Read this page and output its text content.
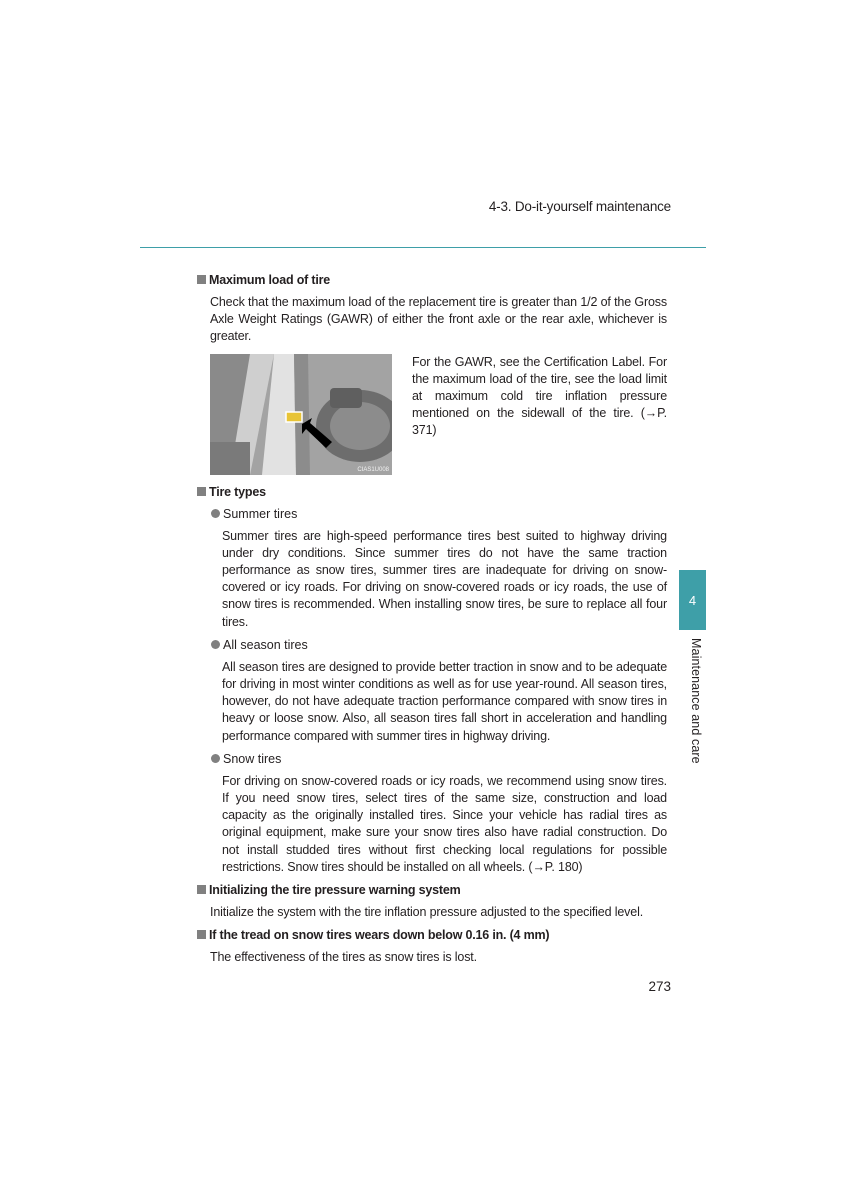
4-3. Do-it-yourself maintenance
4
Maintenance and care
Maximum load of tire
Check that the maximum load of the replacement tire is greater than 1/2 of the Gross Axle Weight Ratings (GAWR) of either the front axle or the rear axle, whichever is greater.
CIAS1U008
For the GAWR, see the Certification Label. For the maximum load of the tire, see the load limit at maximum cold tire inflation pressure mentioned on the sidewall of the tire. (→P. 371)
Tire types
Summer tires
Summer tires are high-speed performance tires best suited to highway driving under dry conditions. Since summer tires do not have the same traction performance as snow tires, summer tires are inadequate for driving on snow-covered or icy roads. For driving on snow-covered roads or icy roads, the use of snow tires is recommended. When installing snow tires, be sure to replace all four tires.
All season tires
All season tires are designed to provide better traction in snow and to be adequate for driving in most winter conditions as well as for use year-round. All season tires, however, do not have adequate traction performance compared with snow tires in heavy or loose snow. Also, all season tires fall short in acceleration and handling performance compared with summer tires in highway driving.
Snow tires
For driving on snow-covered roads or icy roads, we recommend using snow tires. If you need snow tires, select tires of the same size, construction and load capacity as the originally installed tires. Since your vehicle has radial tires as original equipment, make sure your snow tires also have radial construction. Do not install studded tires without first checking local regulations for possible restrictions. Snow tires should be installed on all wheels. (→P. 180)
Initializing the tire pressure warning system
Initialize the system with the tire inflation pressure adjusted to the specified level.
If the tread on snow tires wears down below 0.16 in. (4 mm)
The effectiveness of the tires as snow tires is lost.
273
